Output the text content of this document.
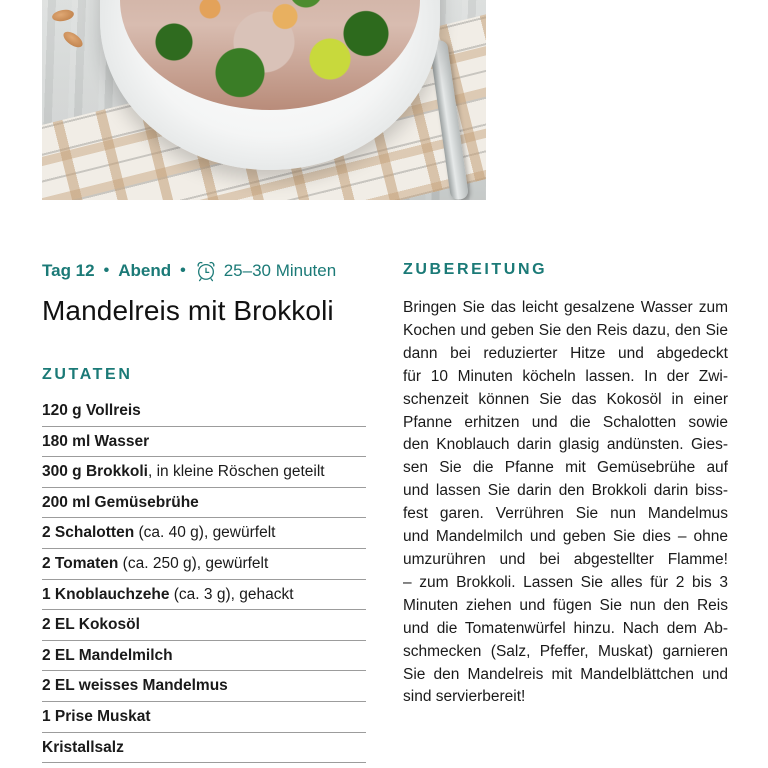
Tag 12 • Abend • 25–30 Minuten
Mandelreis mit Brokkoli
ZUTATEN
120 g Vollreis
180 ml Wasser
300 g Brokkoli, in kleine Röschen geteilt
200 ml Gemüsebrühe
2 Schalotten (ca. 40 g), gewürfelt
2 Tomaten (ca. 250 g), gewürfelt
1 Knoblauchzehe (ca. 3 g), gehackt
2 EL Kokosöl
2 EL Mandelmilch
2 EL weisses Mandelmus
1 Prise Muskat
Kristallsalz
ZUBEREITUNG
Bringen Sie das leicht gesalzene Wasser zum
Kochen und geben Sie den Reis dazu, den Sie
dann bei reduzierter Hitze und abgedeckt
für 10 Minuten köcheln lassen. In der Zwi-
schenzeit können Sie das Kokosöl in einer
Pfanne erhitzen und die Schalotten sowie
den Knoblauch darin glasig andünsten. Gies-
sen Sie die Pfanne mit Gemüsebrühe auf
und lassen Sie darin den Brokkoli darin biss-
fest garen. Verrühren Sie nun Mandelmus
und Mandelmilch und geben Sie dies – ohne
umzurühren und bei abgestellter Flamme!
– zum Brokkoli. Lassen Sie alles für 2 bis 3
Minuten ziehen und fügen Sie nun den Reis
und die Tomatenwürfel hinzu. Nach dem Ab-
schmecken (Salz, Pfeffer, Muskat) garnieren
Sie den Mandelreis mit Mandelblättchen und
sind servierbereit!
